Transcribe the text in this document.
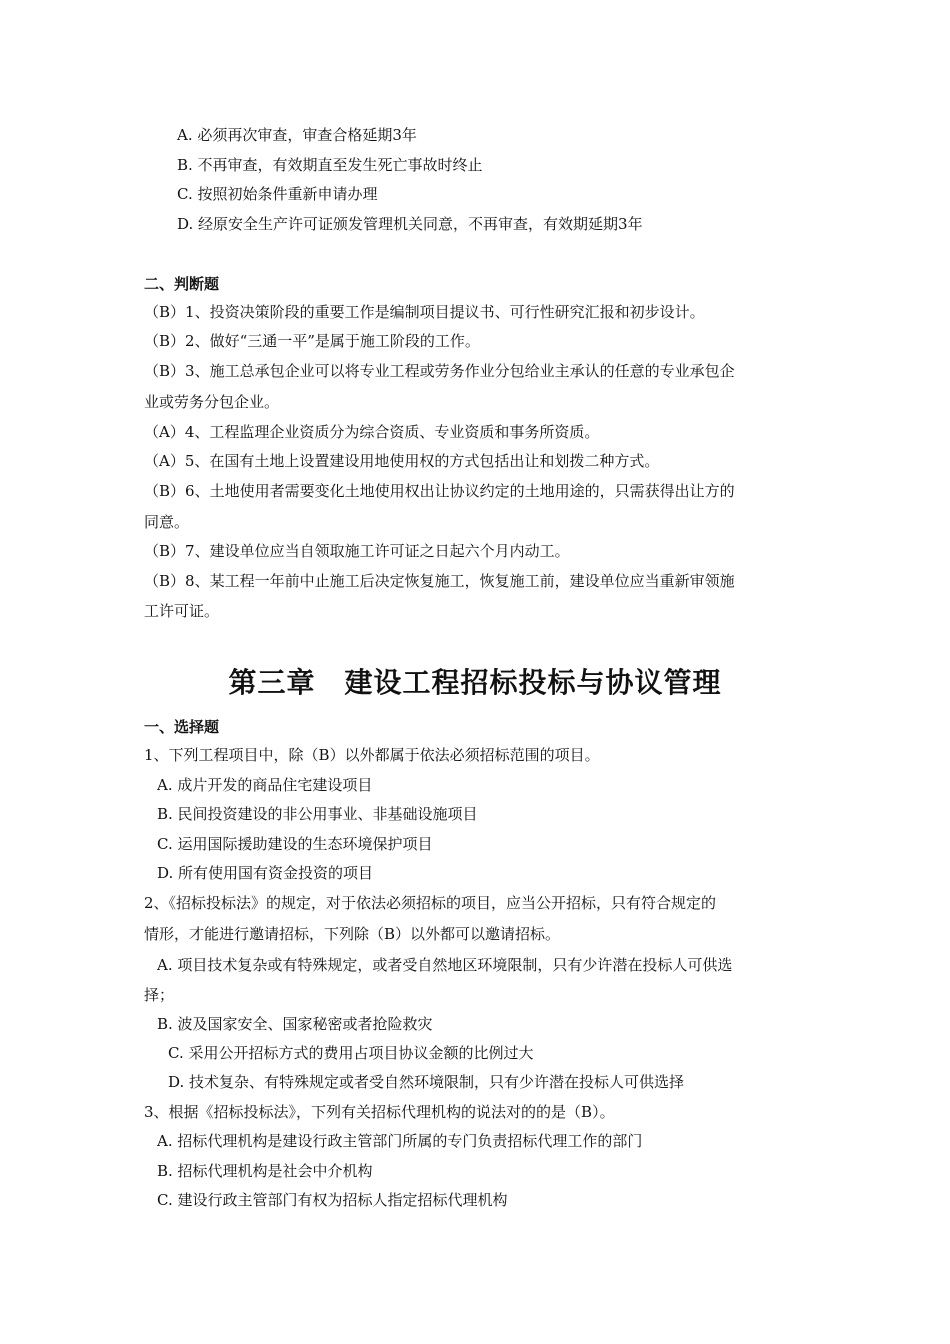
A. 必须再次审查，审查合格延期3年
B. 不再审查，有效期直至发生死亡事故时终止
C. 按照初始条件重新申请办理
D. 经原安全生产许可证颁发管理机关同意，不再审查，有效期延期3年
二、判断题
（B）1、投资决策阶段的重要工作是编制项目提议书、可行性研究汇报和初步设计。
（B）2、做好“三通一平”是属于施工阶段的工作。
（B）3、施工总承包企业可以将专业工程或劳务作业分包给业主承认的任意的专业承包企
业或劳务分包企业。
（A）4、工程监理企业资质分为综合资质、专业资质和事务所资质。
（A）5、在国有土地上设置建设用地使用权的方式包括出让和划拨二种方式。
（B）6、土地使用者需要变化土地使用权出让协议约定的土地用途的，只需获得出让方的
同意。
（B）7、建设单位应当自领取施工许可证之日起六个月内动工。
（B）8、某工程一年前中止施工后决定恢复施工，恢复施工前，建设单位应当重新审领施
工许可证。
第三章　建设工程招标投标与协议管理
一、选择题
1、下列工程项目中，除（B）以外都属于依法必须招标范围的项目。
A. 成片开发的商品住宅建设项目
B. 民间投资建设的非公用事业、非基础设施项目
C. 运用国际援助建设的生态环境保护项目
D. 所有使用国有资金投资的项目
2、《招标投标法》的规定，对于依法必须招标的项目，应当公开招标，只有符合规定的
情形，才能进行邀请招标，下列除（B）以外都可以邀请招标。
A. 项目技术复杂或有特殊规定，或者受自然地区环境限制，只有少许潜在投标人可供选
择；
B. 波及国家安全、国家秘密或者抢险救灾
C. 采用公开招标方式的费用占项目协议金额的比例过大
D. 技术复杂、有特殊规定或者受自然环境限制，只有少许潜在投标人可供选择
3、根据《招标投标法》，下列有关招标代理机构的说法对的的是（B）。
A. 招标代理机构是建设行政主管部门所属的专门负责招标代理工作的部门
B. 招标代理机构是社会中介机构
C. 建设行政主管部门有权为招标人指定招标代理机构
